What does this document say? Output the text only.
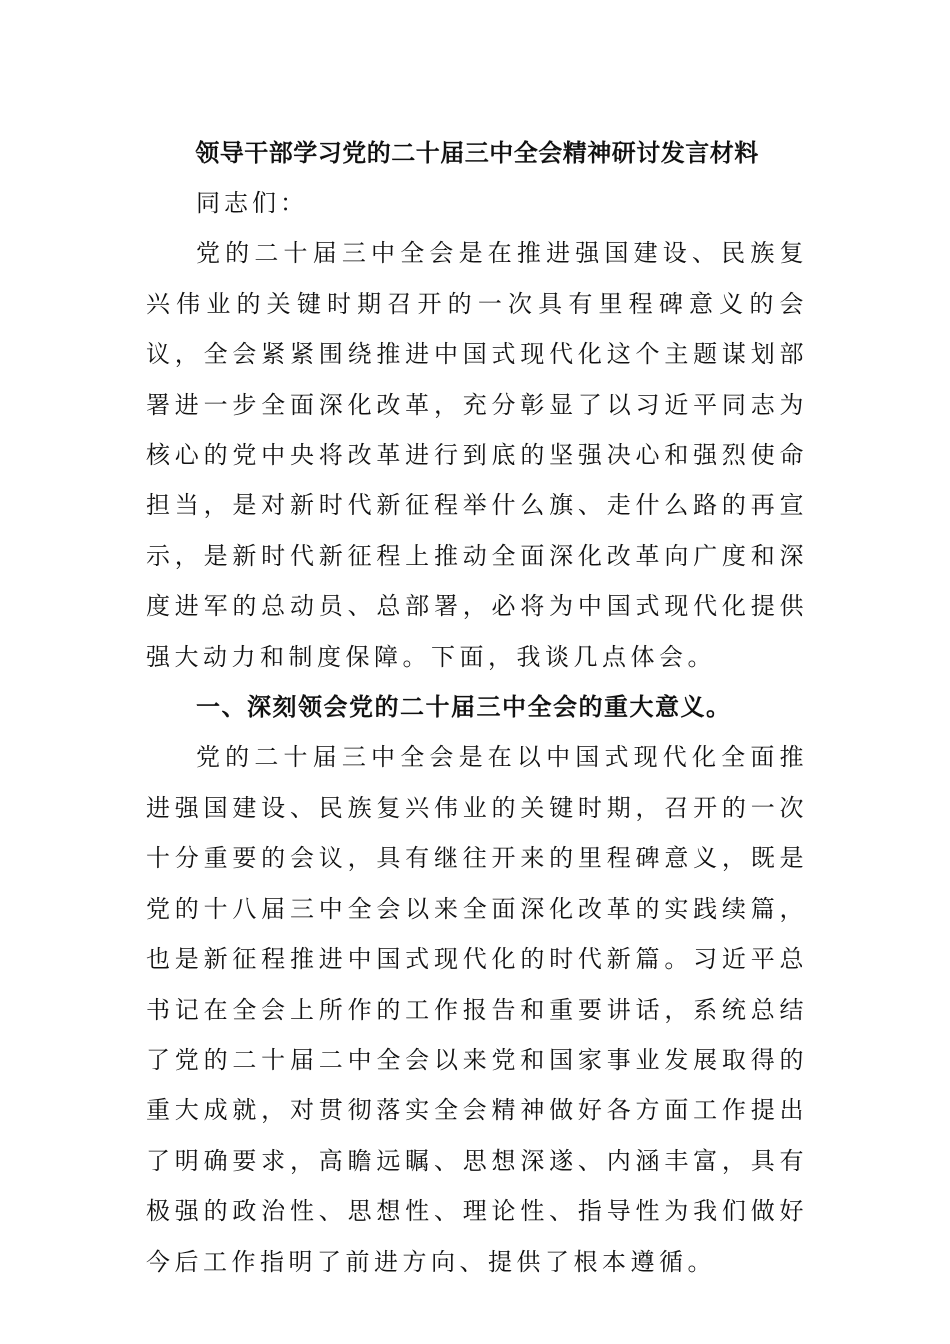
领导干部学习党的二十届三中全会精神研讨发言材料

同志们：

党的二十届三中全会是在推进强国建设、民族复兴伟业的关键时期召开的一次具有里程碑意义的会议，全会紧紧围绕推进中国式现代化这个主题谋划部署进一步全面深化改革，充分彰显了以习近平同志为核心的党中央将改革进行到底的坚强决心和强烈使命担当，是对新时代新征程举什么旗、走什么路的再宣示，是新时代新征程上推动全面深化改革向广度和深度进军的总动员、总部署，必将为中国式现代化提供强大动力和制度保障。下面，我谈几点体会。

一、深刻领会党的二十届三中全会的重大意义。

党的二十届三中全会是在以中国式现代化全面推进强国建设、民族复兴伟业的关键时期，召开的一次十分重要的会议，具有继往开来的里程碑意义，既是党的十八届三中全会以来全面深化改革的实践续篇，也是新征程推进中国式现代化的时代新篇。习近平总书记在全会上所作的工作报告和重要讲话，系统总结了党的二十届二中全会以来党和国家事业发展取得的重大成就，对贯彻落实全会精神做好各方面工作提出了明确要求，高瞻远瞩、思想深遂、内涵丰富，具有极强的政治性、思想性、理论性、指导性为我们做好今后工作指明了前进方向、提供了根本遵循。
